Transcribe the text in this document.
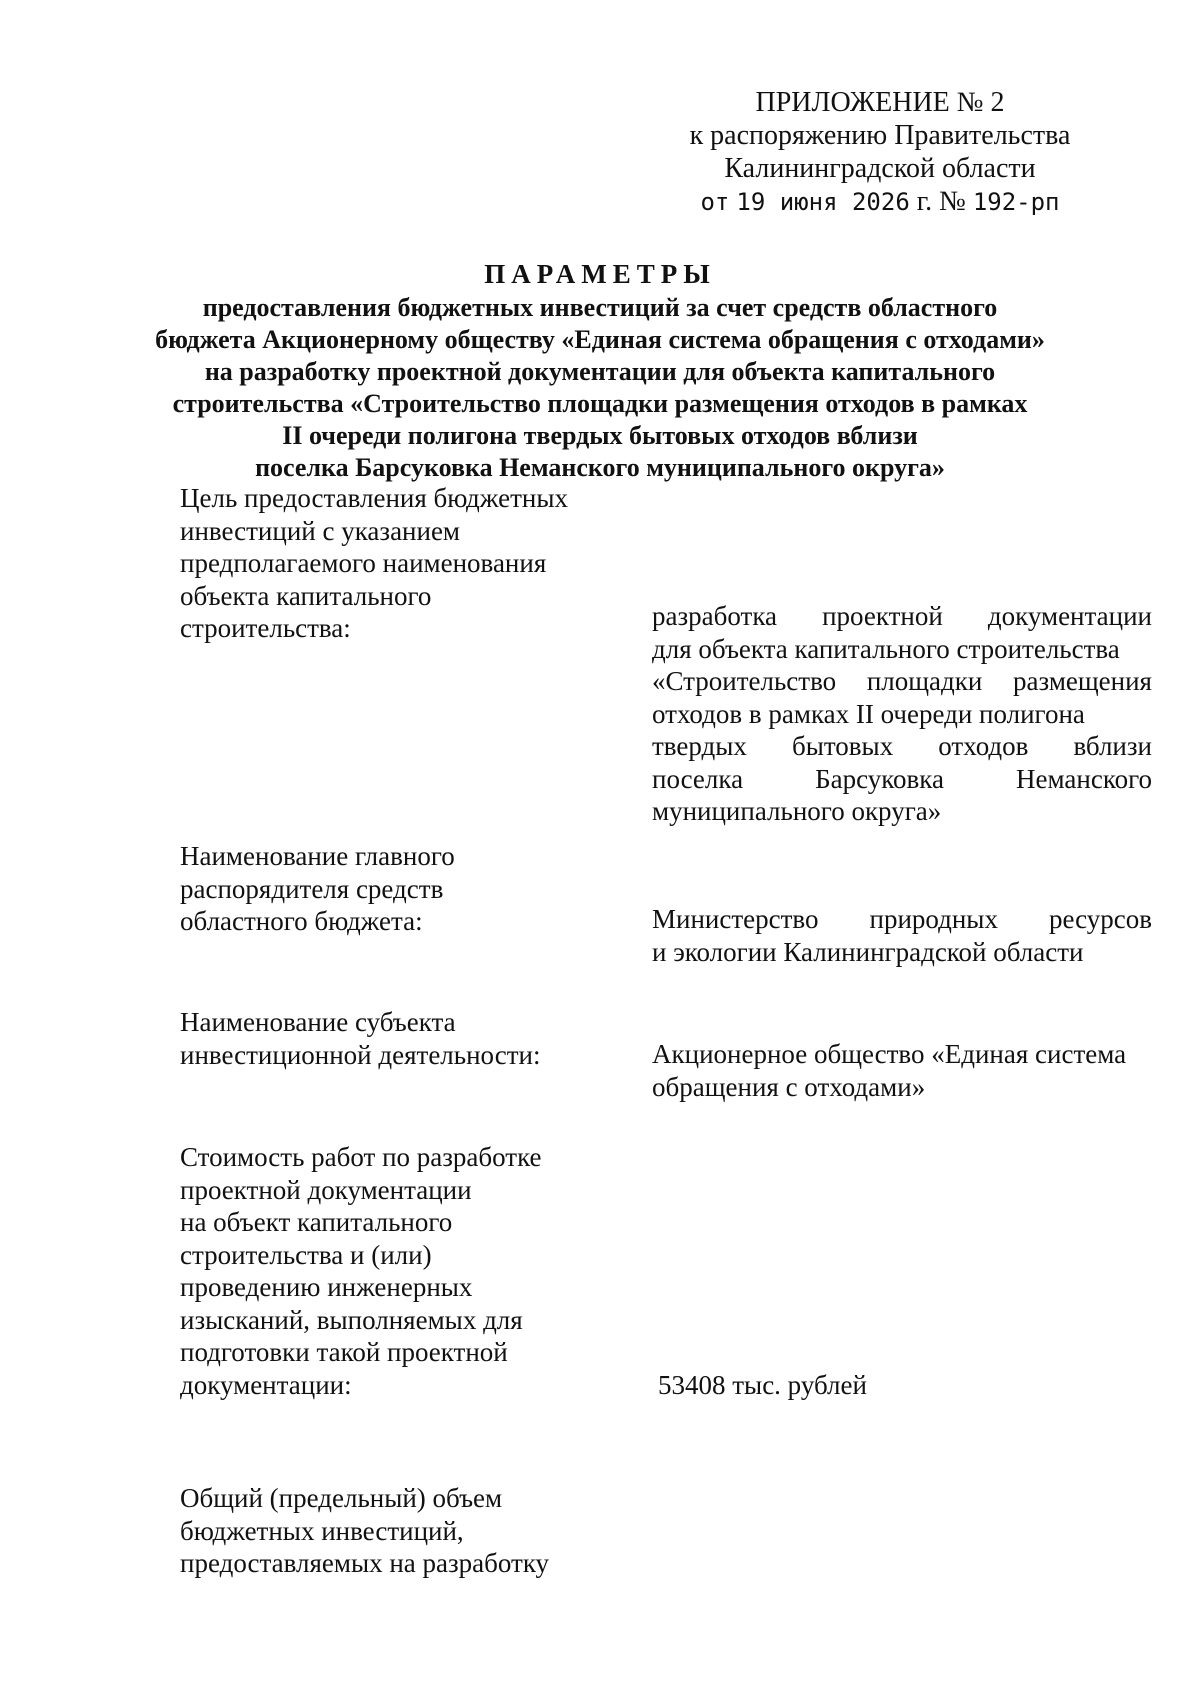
ПРИЛОЖЕНИЕ № 2
к распоряжению Правительства
Калининградской области
от 19 июня 2026 г. № 192-рп
ПАРАМЕТРЫ
предоставления бюджетных инвестиций за счет средств областного
бюджета Акционерному обществу «Единая система обращения с отходами»
на разработку проектной документации для объекта капитального
строительства «Строительство площадки размещения отходов в рамках
II очереди полигона твердых бытовых отходов вблизи
поселка Барсуковка Неманского муниципального округа»
Цель предоставления бюджетных
инвестиций с указанием
предполагаемого наименования
объекта капитального
строительства:	разработка проектной документации
для объекта капитального строительства
«Строительство площадки размещения
отходов в рамках II очереди полигона
твердых бытовых отходов вблизи
поселка	Барсуковка	Неманского
муниципального округа»
Наименование главного
распорядителя средств
областного бюджета:	Министерство природных ресурсов
и экологии Калининградской области
Наименование субъекта
инвестиционной деятельности:	Акционерное общество «Единая система
обращения с отходами»
Стоимость работ по разработке
проектной документации
на объект капитального
строительства и (или)
проведению инженерных
изысканий, выполняемых для
подготовки такой проектной
документации:	53408 тыс. рублей
Общий (предельный) объем
бюджетных инвестиций,
предоставляемых на разработку
